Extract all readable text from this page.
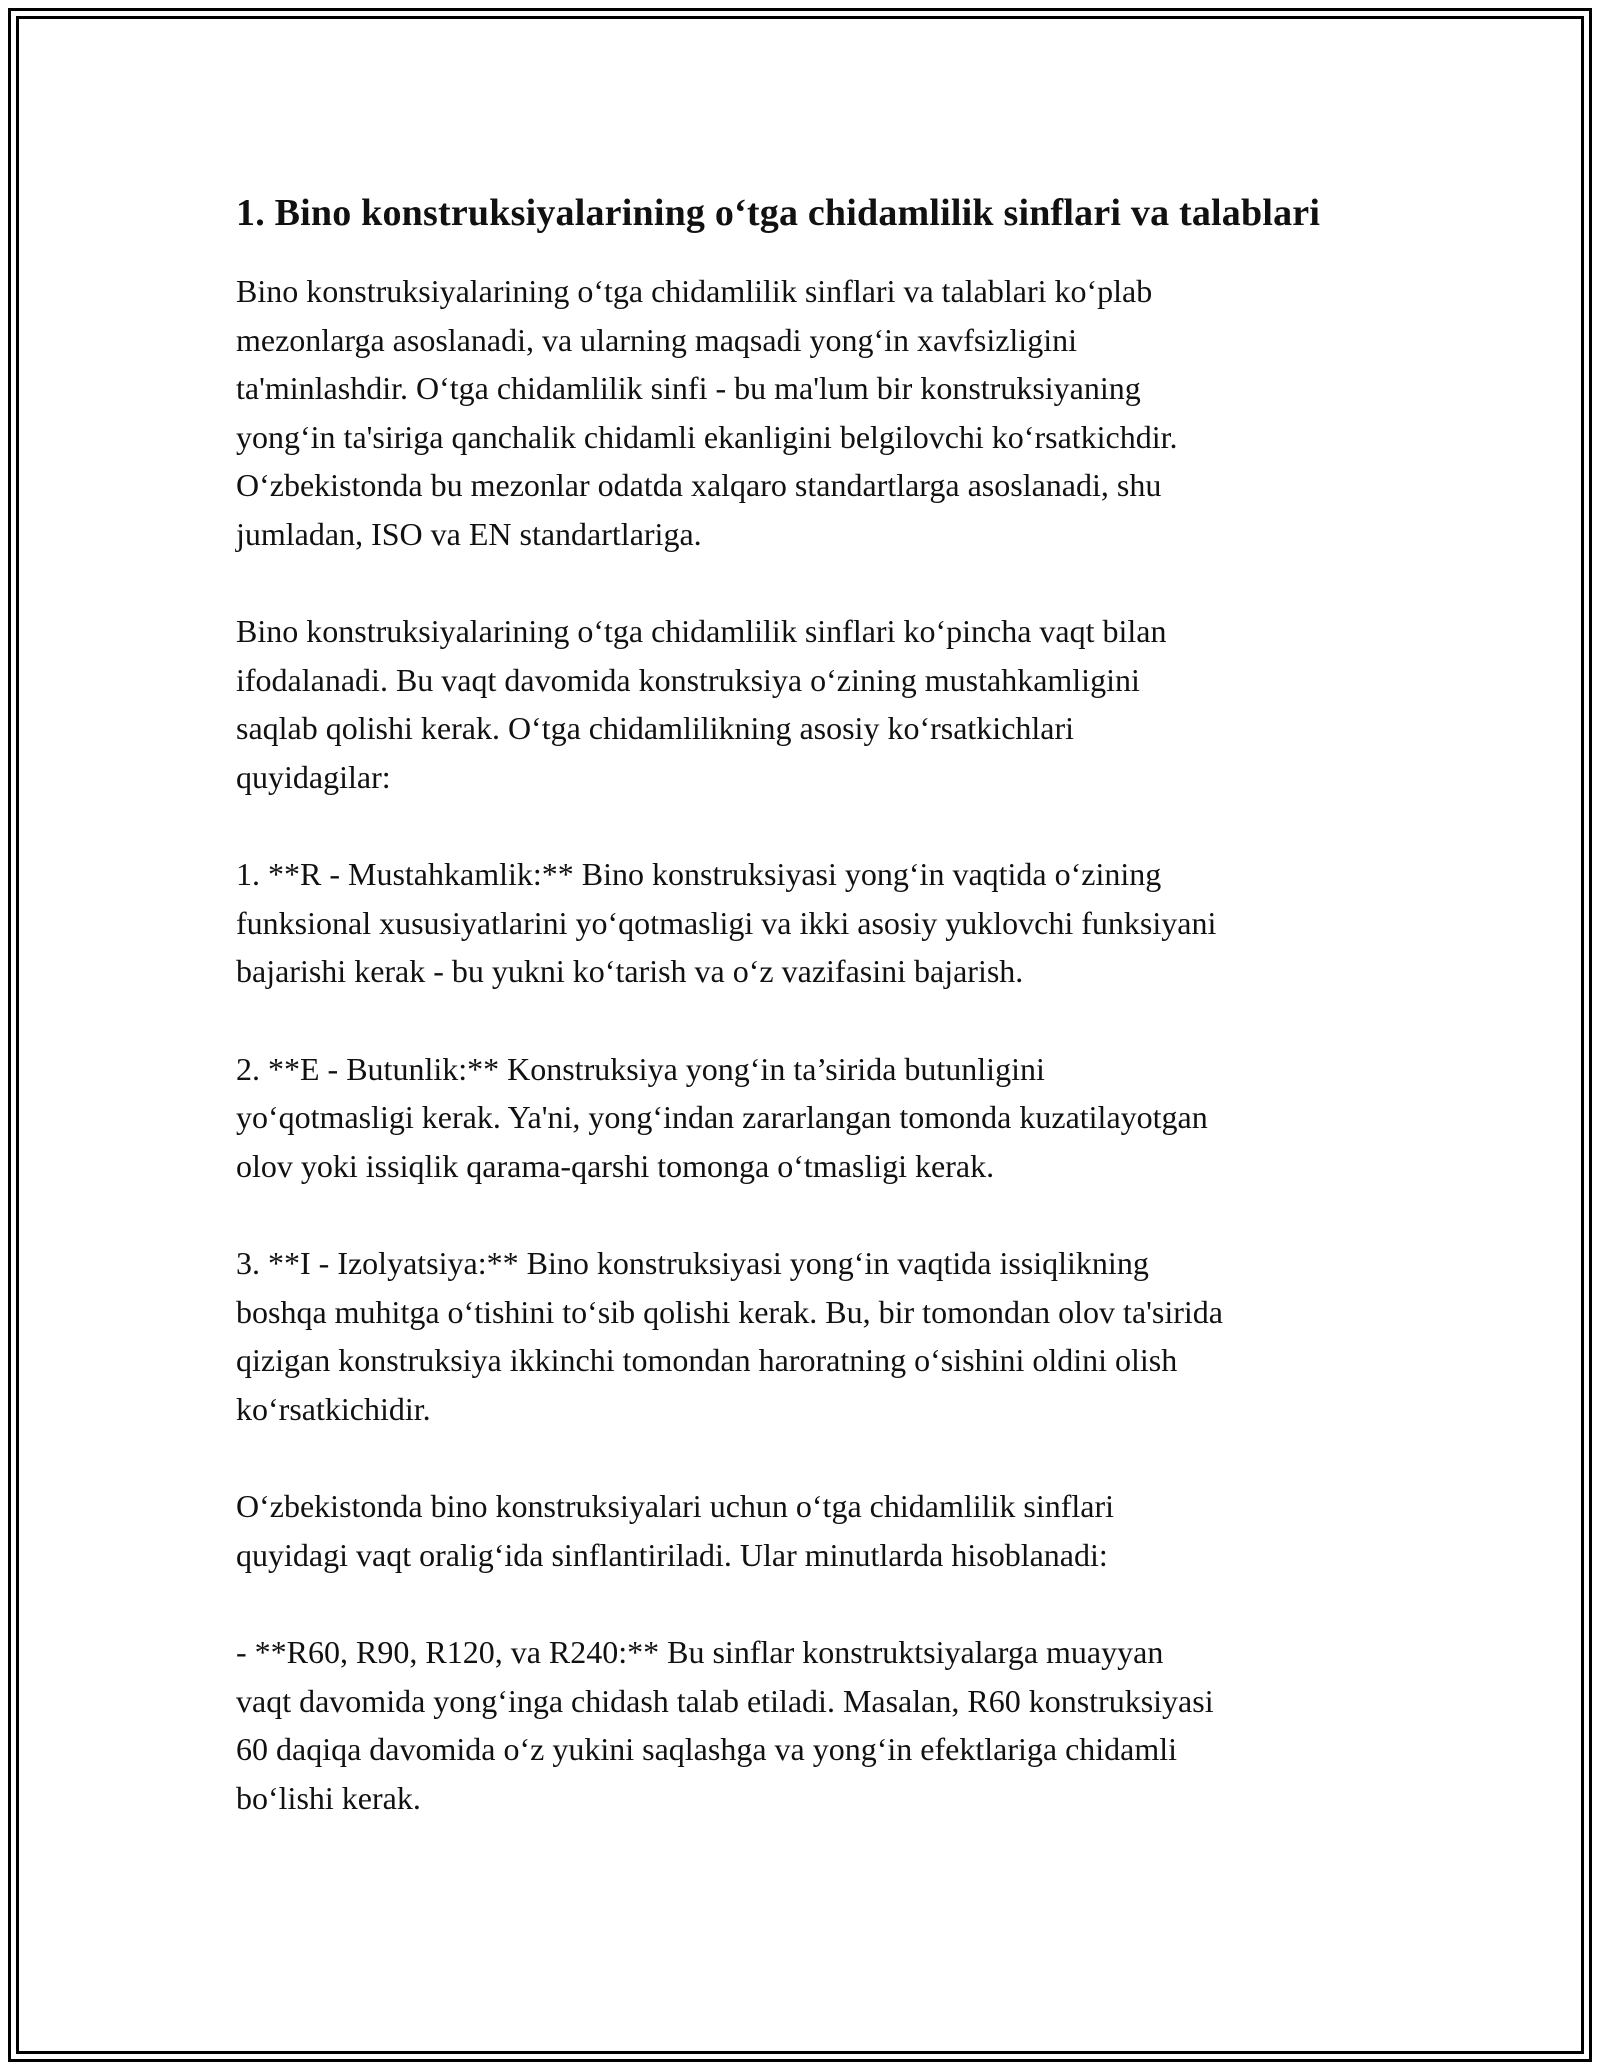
1. Bino konstruksiyalarining o‘tga chidamlilik sinflari va talablari

Bino konstruksiyalarining o‘tga chidamlilik sinflari va talablari ko‘plab
mezonlarga asoslanadi, va ularning maqsadi yong‘in xavfsizligini
ta'minlashdir. O‘tga chidamlilik sinfi - bu ma'lum bir konstruksiyaning
yong‘in ta'siriga qanchalik chidamli ekanligini belgilovchi ko‘rsatkichdir.
O‘zbekistonda bu mezonlar odatda xalqaro standartlarga asoslanadi, shu
jumladan, ISO va EN standartlariga.

Bino konstruksiyalarining o‘tga chidamlilik sinflari ko‘pincha vaqt bilan
ifodalanadi. Bu vaqt davomida konstruksiya o‘zining mustahkamligini
saqlab qolishi kerak. O‘tga chidamlilikning asosiy ko‘rsatkichlari
quyidagilar:

1. **R - Mustahkamlik:** Bino konstruksiyasi yong‘in vaqtida o‘zining
funksional xususiyatlarini yo‘qotmasligi va ikki asosiy yuklovchi funksiyani
bajarishi kerak - bu yukni ko‘tarish va o‘z vazifasini bajarish.

2. **E - Butunlik:** Konstruksiya yong‘in ta’sirida butunligini
yo‘qotmasligi kerak. Ya'ni, yong‘indan zararlangan tomonda kuzatilayotgan
olov yoki issiqlik qarama-qarshi tomonga o‘tmasligi kerak.

3. **I - Izolyatsiya:** Bino konstruksiyasi yong‘in vaqtida issiqlikning
boshqa muhitga o‘tishini to‘sib qolishi kerak. Bu, bir tomondan olov ta'sirida
qizigan konstruksiya ikkinchi tomondan haroratning o‘sishini oldini olish
ko‘rsatkichidir.

O‘zbekistonda bino konstruksiyalari uchun o‘tga chidamlilik sinflari
quyidagi vaqt oralig‘ida sinflantiriladi. Ular minutlarda hisoblanadi:

- **R60, R90, R120, va R240:** Bu sinflar konstruktsiyalarga muayyan
vaqt davomida yong‘inga chidash talab etiladi. Masalan, R60 konstruksiyasi
60 daqiqa davomida o‘z yukini saqlashga va yong‘in efektlariga chidamli
bo‘lishi kerak.
